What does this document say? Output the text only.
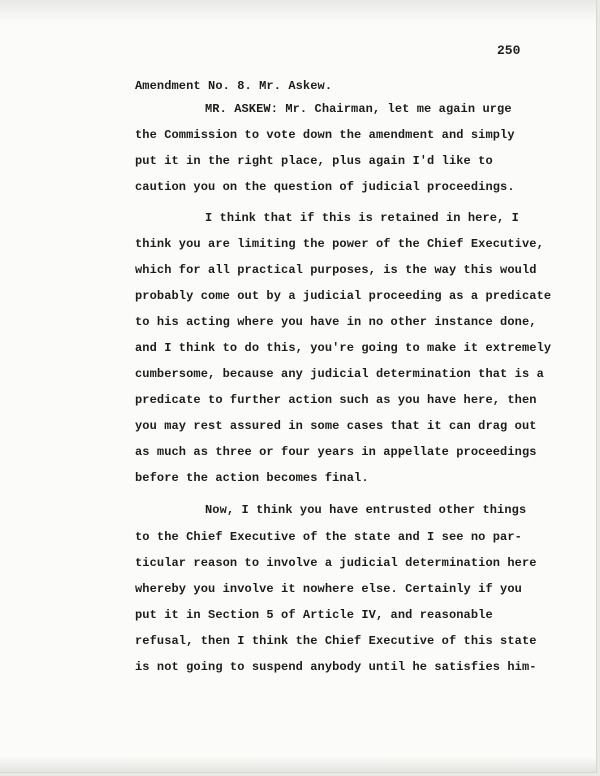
250
Amendment No. 8. Mr. Askew.
MR. ASKEW: Mr. Chairman, let me again urge
the Commission to vote down the amendment and simply
put it in the right place, plus again I'd like to
caution you on the question of judicial proceedings.
I think that if this is retained in here, I
think you are limiting the power of the Chief Executive,
which for all practical purposes, is the way this would
probably come out by a judicial proceeding as a predicate
to his acting where you have in no other instance done,
and I think to do this, you're going to make it extremely
cumbersome, because any judicial determination that is a
predicate to further action such as you have here, then
you may rest assured in some cases that it can drag out
as much as three or four years in appellate proceedings
before the action becomes final.
Now, I think you have entrusted other things
to the Chief Executive of the state and I see no par-
ticular reason to involve a judicial determination here
whereby you involve it nowhere else. Certainly if you
put it in Section 5 of Article IV, and reasonable
refusal, then I think the Chief Executive of this state
is not going to suspend anybody until he satisfies him-
